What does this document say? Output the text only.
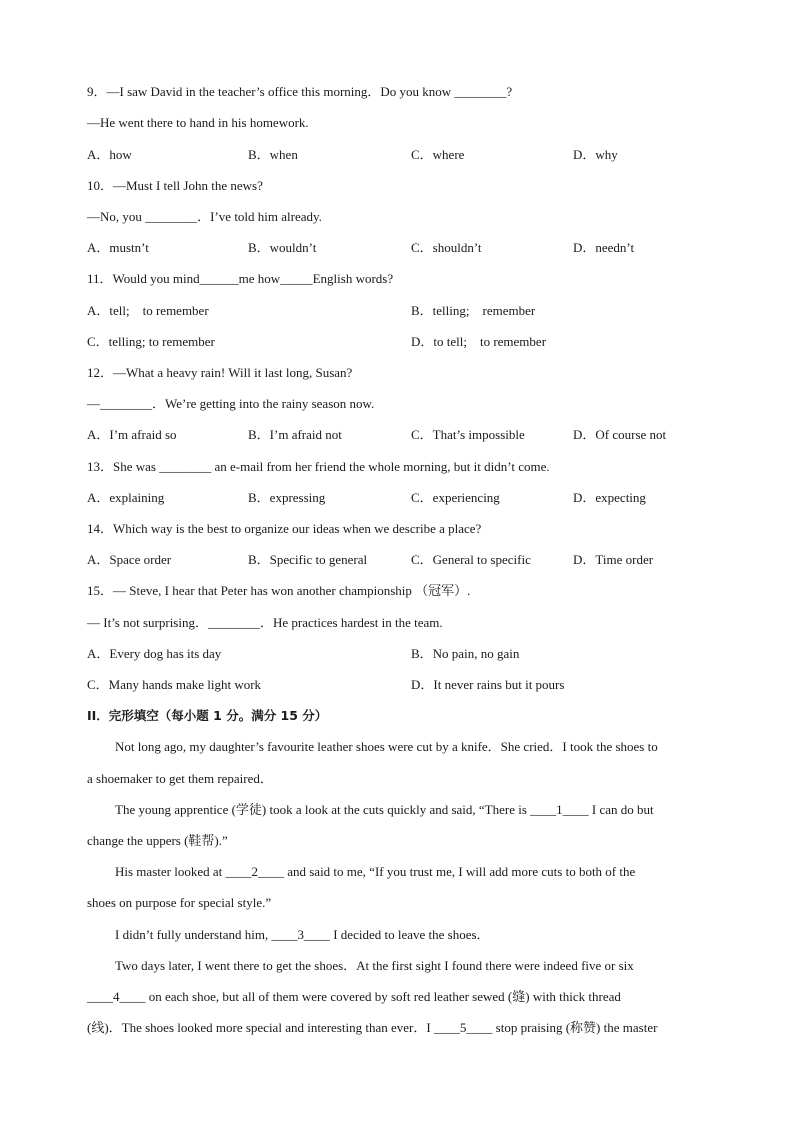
9．—I saw David in the teacher’s office this morning．Do you know ________?
—He went there to hand in his homework.
A．how	B．when	C．where	D．why
10．—Must I tell John the news?
—No, you ________．I’ve told him already.
A．mustn’t	B．wouldn’t	C．shouldn’t	D．needn’t
11．Would you mind______me how_____English words?
A．tell;    to remember	B．telling;    remember
C．telling; to remember	D．to tell;    to remember
12．—What a heavy rain! Will it last long, Susan?
—________．We’re getting into the rainy season now.
A．I’m afraid so	B．I’m afraid not	C．That’s impossible	D．Of course not
13．She was ________ an e-mail from her friend the whole morning, but it didn’t come.
A．explaining	B．expressing	C．experiencing	D．expecting
14．Which way is the best to organize our ideas when we describe a place?
A．Space order	B．Specific to general	C．General to specific	D．Time order
15．— Steve, I hear that Peter has won another championship （冠军）.
— It’s not surprising．________．He practices hardest in the team.
A．Every dog has its day	B．No pain, no gain
C．Many hands make light work	D．It never rains but it pours
II．完形填空（每小题 1 分。满分 15 分）
Not long ago, my daughter’s favourite leather shoes were cut by a knife．She cried．I took the shoes to
a shoemaker to get them repaired．
The young apprentice (学徒) took a look at the cuts quickly and said, “There is ____1____ I can do but
change the uppers (鞋帮).”
His master looked at ____2____ and said to me, “If you trust me, I will add more cuts to both of the
shoes on purpose for special style.”
I didn’t fully understand him, ____3____ I decided to leave the shoes．
Two days later, I went there to get the shoes．At the first sight I found there were indeed five or six
____4____ on each shoe, but all of them were covered by soft red leather sewed (缝) with thick thread
(线)．The shoes looked more special and interesting than ever．I ____5____ stop praising (称赞) the master
